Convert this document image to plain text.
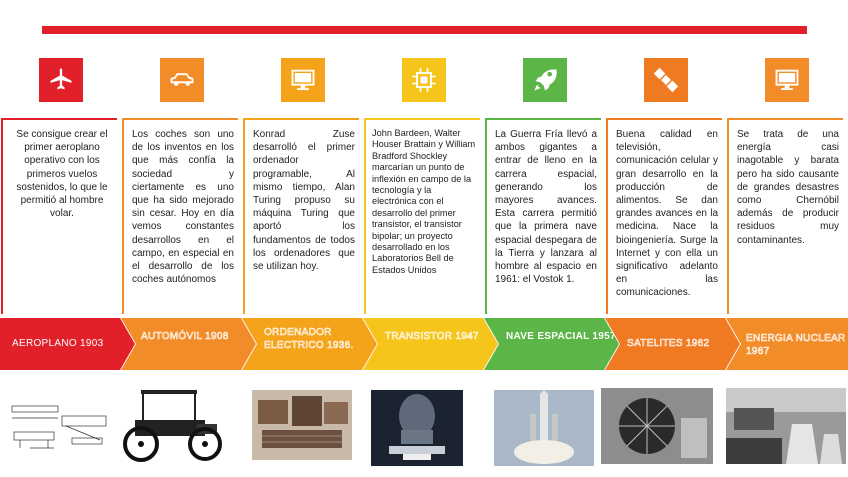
Se consigue crear el primer aeroplano operativo con los primeros vuelos sostenidos, lo que le permitió al hombre volar.
AEROPLANO 1903
Los coches son uno de los inventos en los que más confía la sociedad y ciertamente es uno que ha sido mejorado sin cesar. Hoy en día vemos constantes desarrollos en el campo, en especial en el desarrollo de los coches autónomos
AUTOMÓVIL 1908
Konrad Zuse desarrolló el primer ordenador programable, Al mismo tiempo, Alan Turing propuso su máquina Turing que aportó los fundamentos de todos los ordenadores que se utilizan hoy.
ORDENADOR ELECTRICO 1936.
John Bardeen, Walter Houser Brattain y William Bradford Shockley marcarían un punto de inflexión en campo de la tecnología y la electrónica con el desarrollo del primer transistor, el transistor bipolar; un proyecto desarrollado en los Laboratorios Bell de Estados Unidos
TRANSISTOR 1947
La Guerra Fría llevó a ambos gigantes a entrar de lleno en la carrera espacial, generando los mayores avances. Esta carrera permitió que la primera nave espacial despegara de la Tierra y lanzara al hombre al espacio en 1961: el Vostok 1.
NAVE ESPACIAL 1957
Buena calidad en televisión, comunicación celular y gran desarrollo en la producción de alimentos. Se dan grandes avances en la medicina. Nace la bioingeniería. Surge la Internet y con ella un significativo adelanto en las comunicaciones.
SATELITES 1962
Se trata de una energía casi inagotable y barata pero ha sido causante de grandes desastres como Chernóbil además de producir residuos muy contaminantes.
ENERGIA NUCLEAR 1967
